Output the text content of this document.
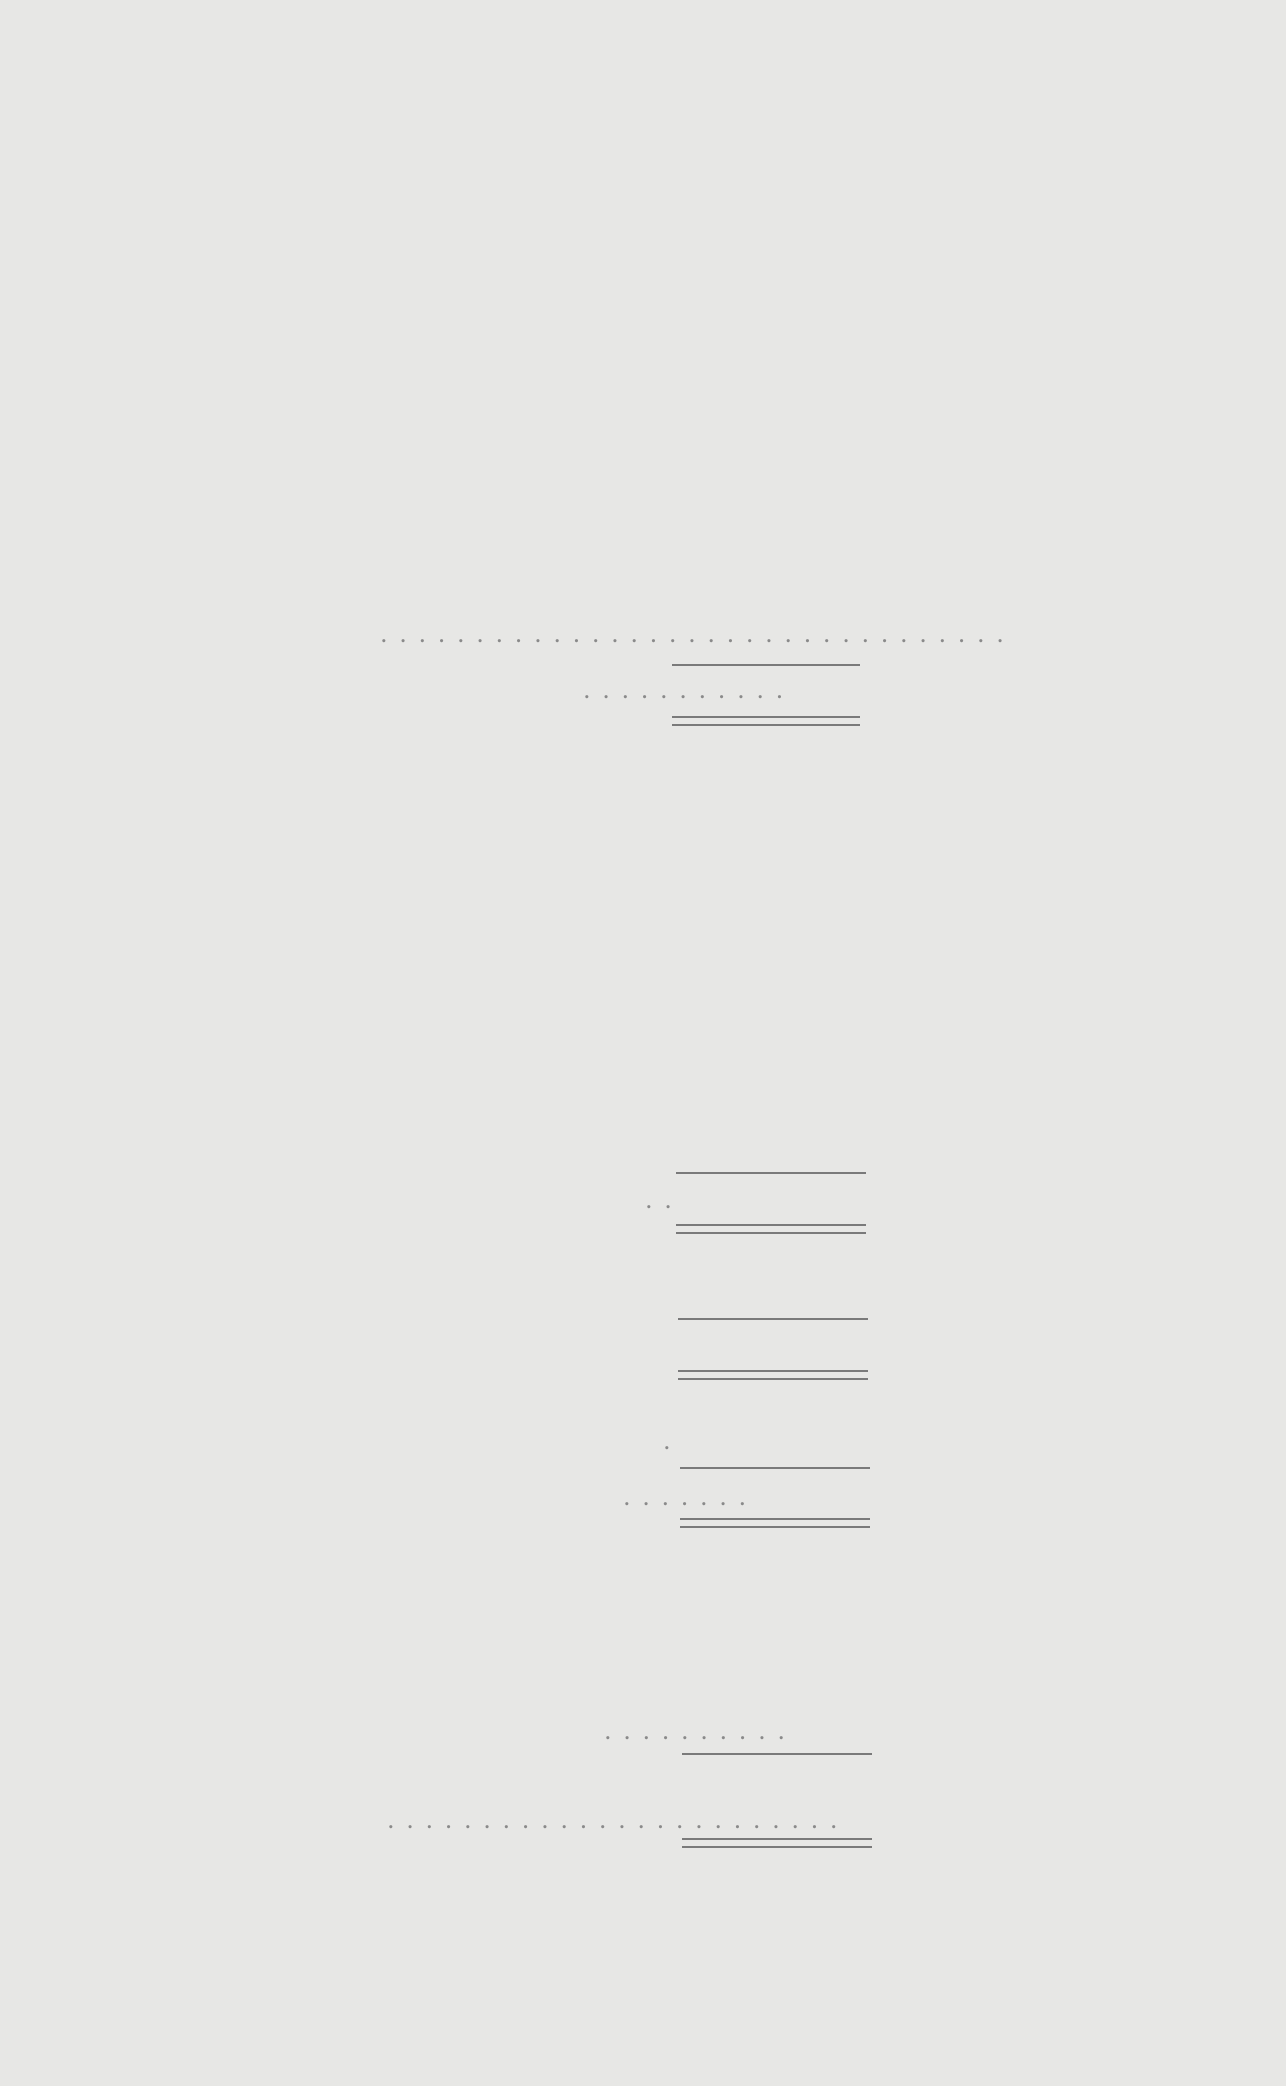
. . . . . . . . . . . . . . . . . . . . . . . . . . . . . . . . .
. . . . . . . . . . .
. .
.
. . . . . . .
. . . . . . . . . .
. . . . . . . . . . . . . . . . . . . . . . . .
